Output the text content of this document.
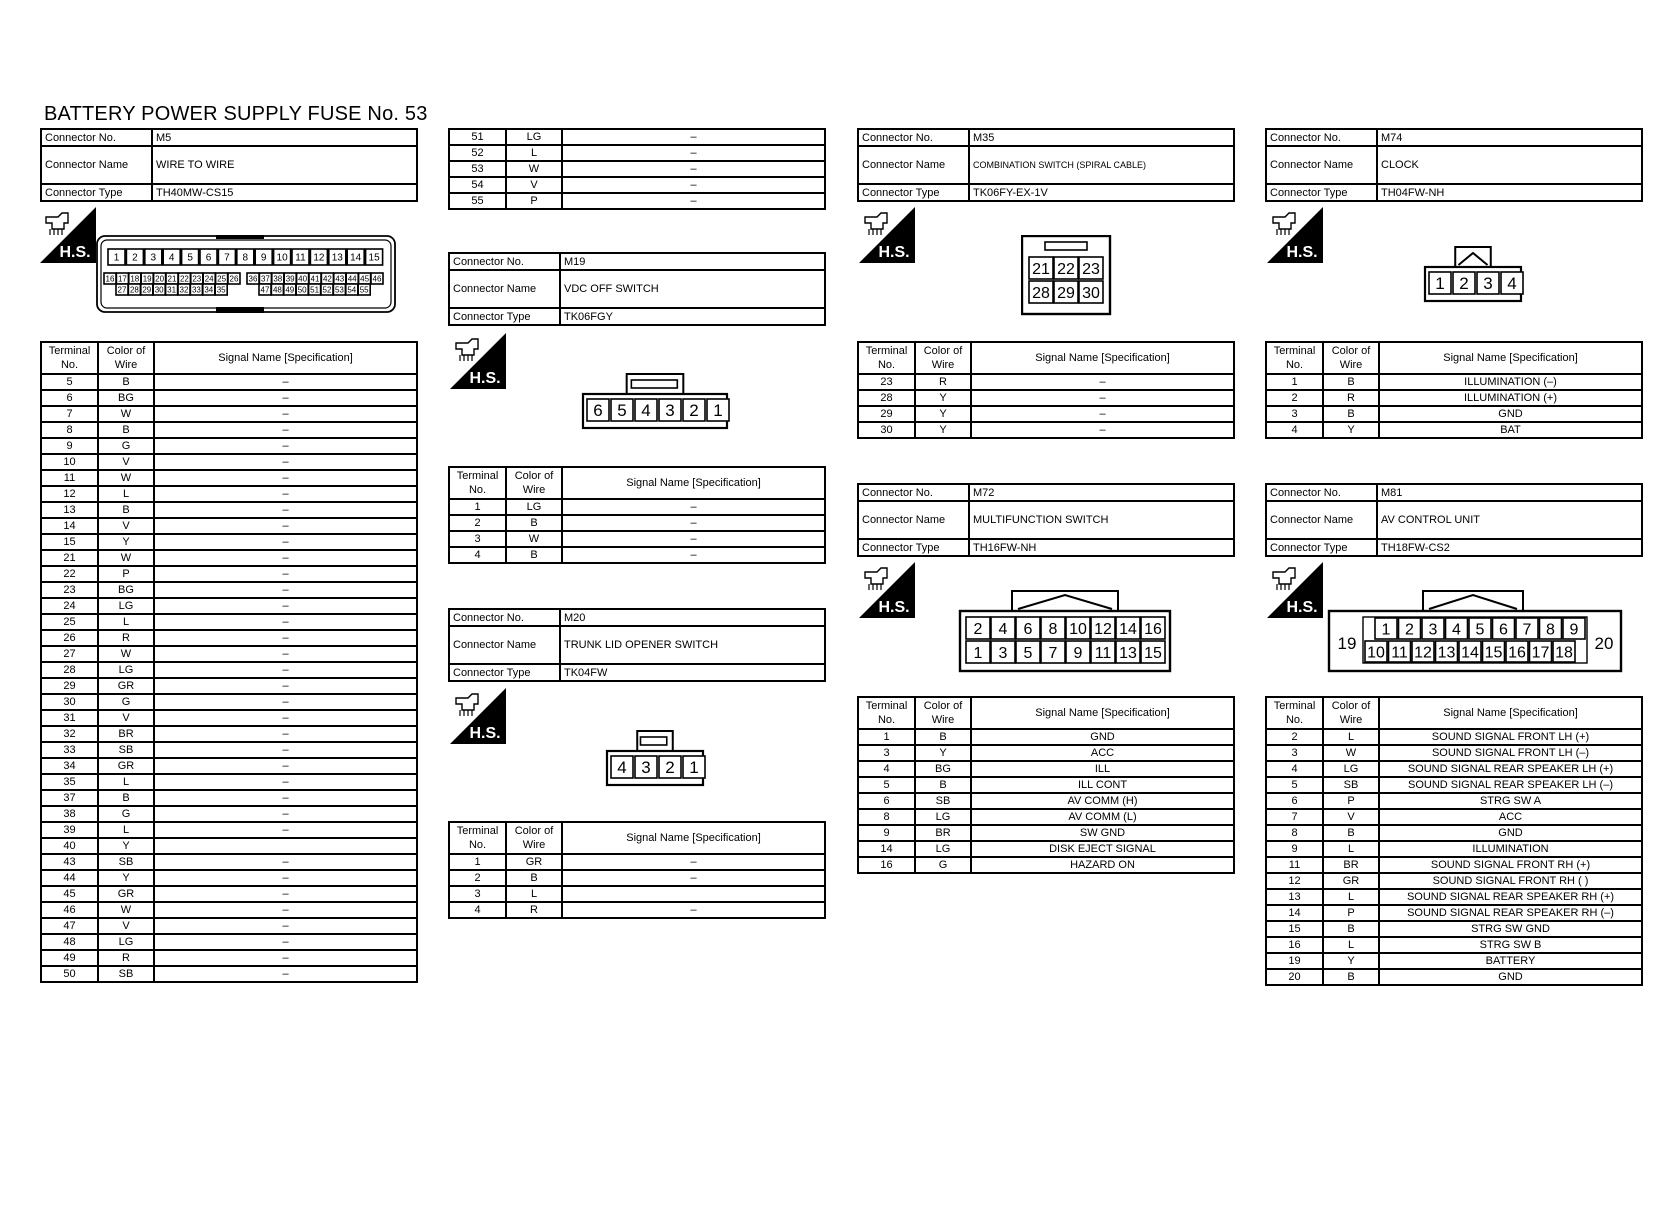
BATTERY POWER SUPPLY FUSE No. 53
Connector No.	M5
Connector Name	WIRE TO WIRE
Connector Type	TH40MW-CS15
H.S. 1 2 3 4 5 6 7 8 9 10 11 12 13 14 15
16 17 18 19 20 21 22 23 24 25 26 36 37 38 39 40 41 42 43 44 45 46
27 28 29 30 31 32 33 34 35	47 48 49 50 51 52 53 54 55
Terminal No.	Color of Wire	Signal Name [Specification]
5	B	–
6	BG	–
7	W	–
8	B	–
9	G	–
10	V	–
11	W	–
12	L	–
13	B	–
14	V	–
15	Y	–
21	W	–
22	P	–
23	BG	–
24	LG	–
25	L	–
26	R	–
27	W	–
28	LG	–
29	GR	–
30	G	–
31	V	–
32	BR	–
33	SB	–
34	GR	–
35	L	–
37	B	–
38	G	–
39	L	–
40	Y	
43	SB	–
44	Y	–
45	GR	–
46	W	–
47	V	–
48	LG	–
49	R	–
50	SB	–
51	LG	–
52	L	–
53	W	–
54	V	–
55	P	–
Connector No.	M19
Connector Name	VDC OFF SWITCH
Connector Type	TK06FGY
H.S.
6 5 4 3 2 1
Terminal No.	Color of Wire	Signal Name [Specification]
1	LG	–
2	B	–
3	W	–
4	B	–
Connector No.	M20
Connector Name	TRUNK LID OPENER SWITCH
Connector Type	TK04FW
H.S.
4 3 2 1
Terminal No.	Color of Wire	Signal Name [Specification]
1	GR	–
2	B	–
3	L	
4	R	–
Connector No.	M35
Connector Name	COMBINATION SWITCH (SPIRAL CABLE)
Connector Type	TK06FY-EX-1V
H.S.
21 22 23
28 29 30
Terminal No.	Color of Wire	Signal Name [Specification]
23	R	–
28	Y	–
29	Y	–
30	Y	–
Connector No.	M72
Connector Name	MULTIFUNCTION SWITCH
Connector Type	TH16FW-NH
H.S.
2 4 6 8 10 12 14 16
1 3 5 7 9 11 13 15
Terminal No.	Color of Wire	Signal Name [Specification]
1	B	GND
3	Y	ACC
4	BG	ILL
5	B	ILL CONT
6	SB	AV COMM (H)
8	LG	AV COMM (L)
9	BR	SW GND
14	LG	DISK EJECT SIGNAL
16	G	HAZARD ON
Connector No.	M74
Connector Name	CLOCK
Connector Type	TH04FW-NH
H.S.
1 2 3 4
Terminal No.	Color of Wire	Signal Name [Specification]
1	B	ILLUMINATION (–)
2	R	ILLUMINATION (+)
3	B	GND
4	Y	BAT
Connector No.	M81
Connector Name	AV CONTROL UNIT
Connector Type	TH18FW-CS2
H.S.
19	20
1 2 3 4 5 6 7 8 9
10 11 12 13 14 15 16 17 18
Terminal No.	Color of Wire	Signal Name [Specification]
2	L	SOUND SIGNAL FRONT LH (+)
3	W	SOUND SIGNAL FRONT LH (–)
4	LG	SOUND SIGNAL REAR SPEAKER LH (+)
5	SB	SOUND SIGNAL REAR SPEAKER LH (–)
6	P	STRG SW A
7	V	ACC
8	B	GND
9	L	ILLUMINATION
11	BR	SOUND SIGNAL FRONT RH (+)
12	GR	SOUND SIGNAL FRONT RH ( )
13	L	SOUND SIGNAL REAR SPEAKER RH (+)
14	P	SOUND SIGNAL REAR SPEAKER RH (–)
15	B	STRG SW GND
16	L	STRG SW B
19	Y	BATTERY
20	B	GND
